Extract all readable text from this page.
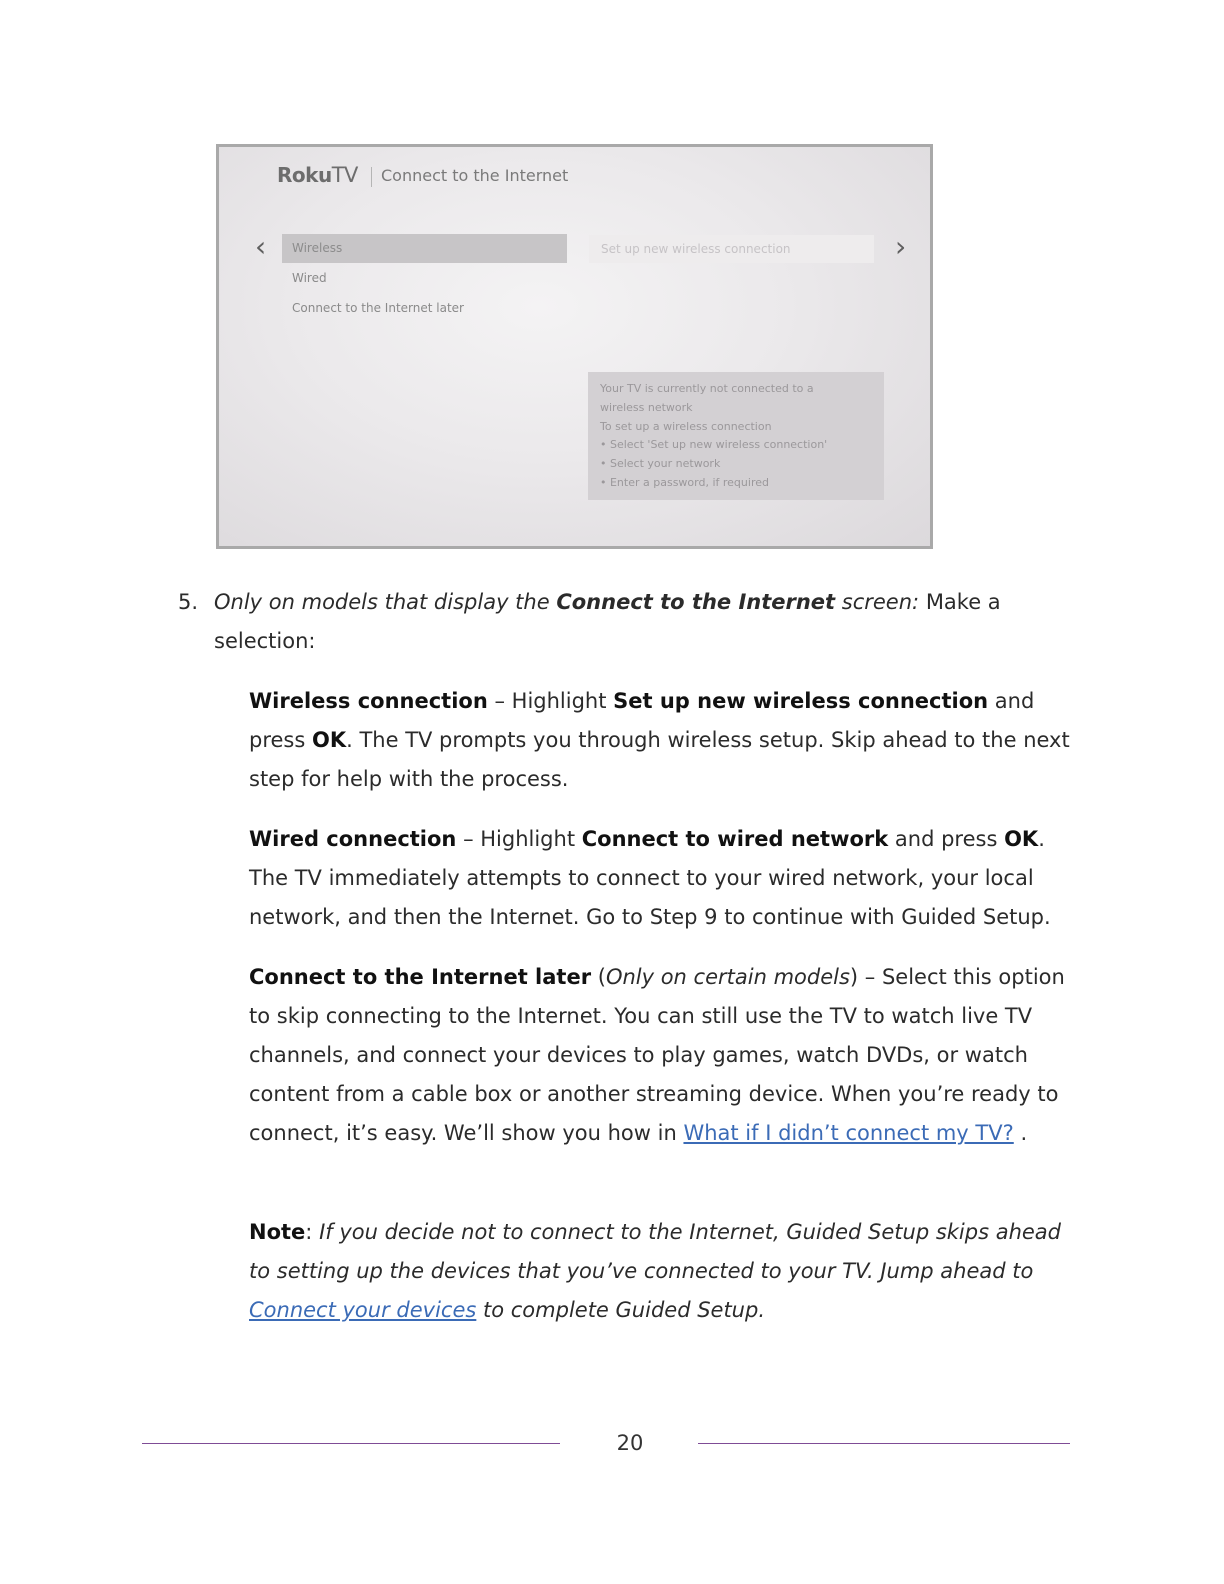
RokuTV Connect to the Internet
‹	›
Wireless
Wired
Connect to the Internet later
Set up new wireless connection
Your TV is currently not connected to a
wireless network
To set up a wireless connection
• Select 'Set up new wireless connection'
• Select your network
• Enter a password, if required
5. Only on models that display the Connect to the Internet screen: Make a selection:
Wireless connection – Highlight Set up new wireless connection and press OK. The TV prompts you through wireless setup. Skip ahead to the next step for help with the process.
Wired connection – Highlight Connect to wired network and press OK. The TV immediately attempts to connect to your wired network, your local network, and then the Internet. Go to Step 9 to continue with Guided Setup.
Connect to the Internet later (Only on certain models) – Select this option to skip connecting to the Internet. You can still use the TV to watch live TV channels, and connect your devices to play games, watch DVDs, or watch content from a cable box or another streaming device. When you’re ready to connect, it’s easy. We’ll show you how in What if I didn’t connect my TV? .
Note: If you decide not to connect to the Internet, Guided Setup skips ahead to setting up the devices that you’ve connected to your TV. Jump ahead to Connect your devices to complete Guided Setup.
20
